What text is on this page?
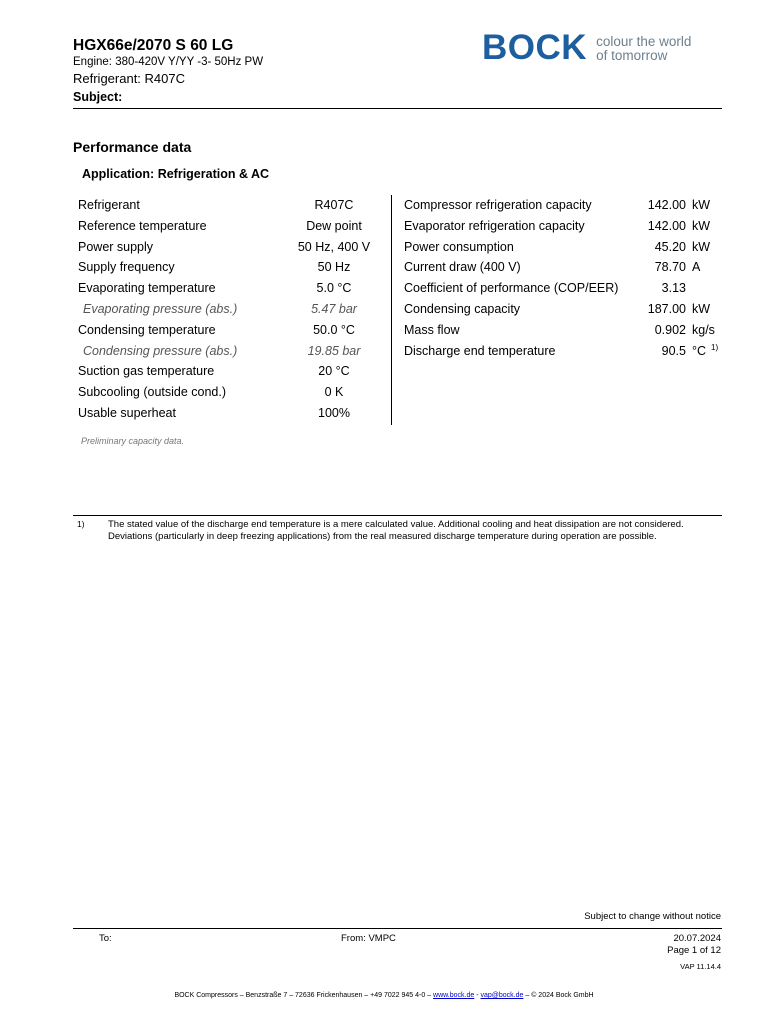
HGX66e/2070 S 60 LG
Engine: 380-420V Y/YY -3- 50Hz PW
Refrigerant: R407C
Subject:
BOCK colour the world
of tomorrow
Performance data
Application: Refrigeration & AC
Refrigerant	R407C
Reference temperature	Dew point
Power supply	50 Hz, 400 V
Supply frequency	50 Hz
Evaporating temperature	5.0 °C
Evaporating pressure (abs.)	5.47 bar
Condensing temperature	50.0 °C
Condensing pressure (abs.)	19.85 bar
Suction gas temperature	20 °C
Subcooling (outside cond.)	0 K
Usable superheat	100%
Compressor refrigeration capacity	142.00 kW
Evaporator refrigeration capacity	142.00 kW
Power consumption	45.20 kW
Current draw (400 V)	78.70 A
Coefficient of performance (COP/EER)	3.13
Condensing capacity	187.00 kW
Mass flow	0.902 kg/s
Discharge end temperature	90.5 °C 1)
Preliminary capacity data.
1) The stated value of the discharge end temperature is a mere calculated value. Additional cooling and heat dissipation are not considered. Deviations (particularly in deep freezing applications) from the real measured discharge temperature during operation are possible.
Subject to change without notice
To:	From: VMPC	20.07.2024
Page 1 of 12
VAP 11.14.4
BOCK Compressors – Benzstraße 7 – 72636 Frickenhausen – +49 7022 945 4-0 – www.bock.de - vap@bock.de – © 2024 Bock GmbH
